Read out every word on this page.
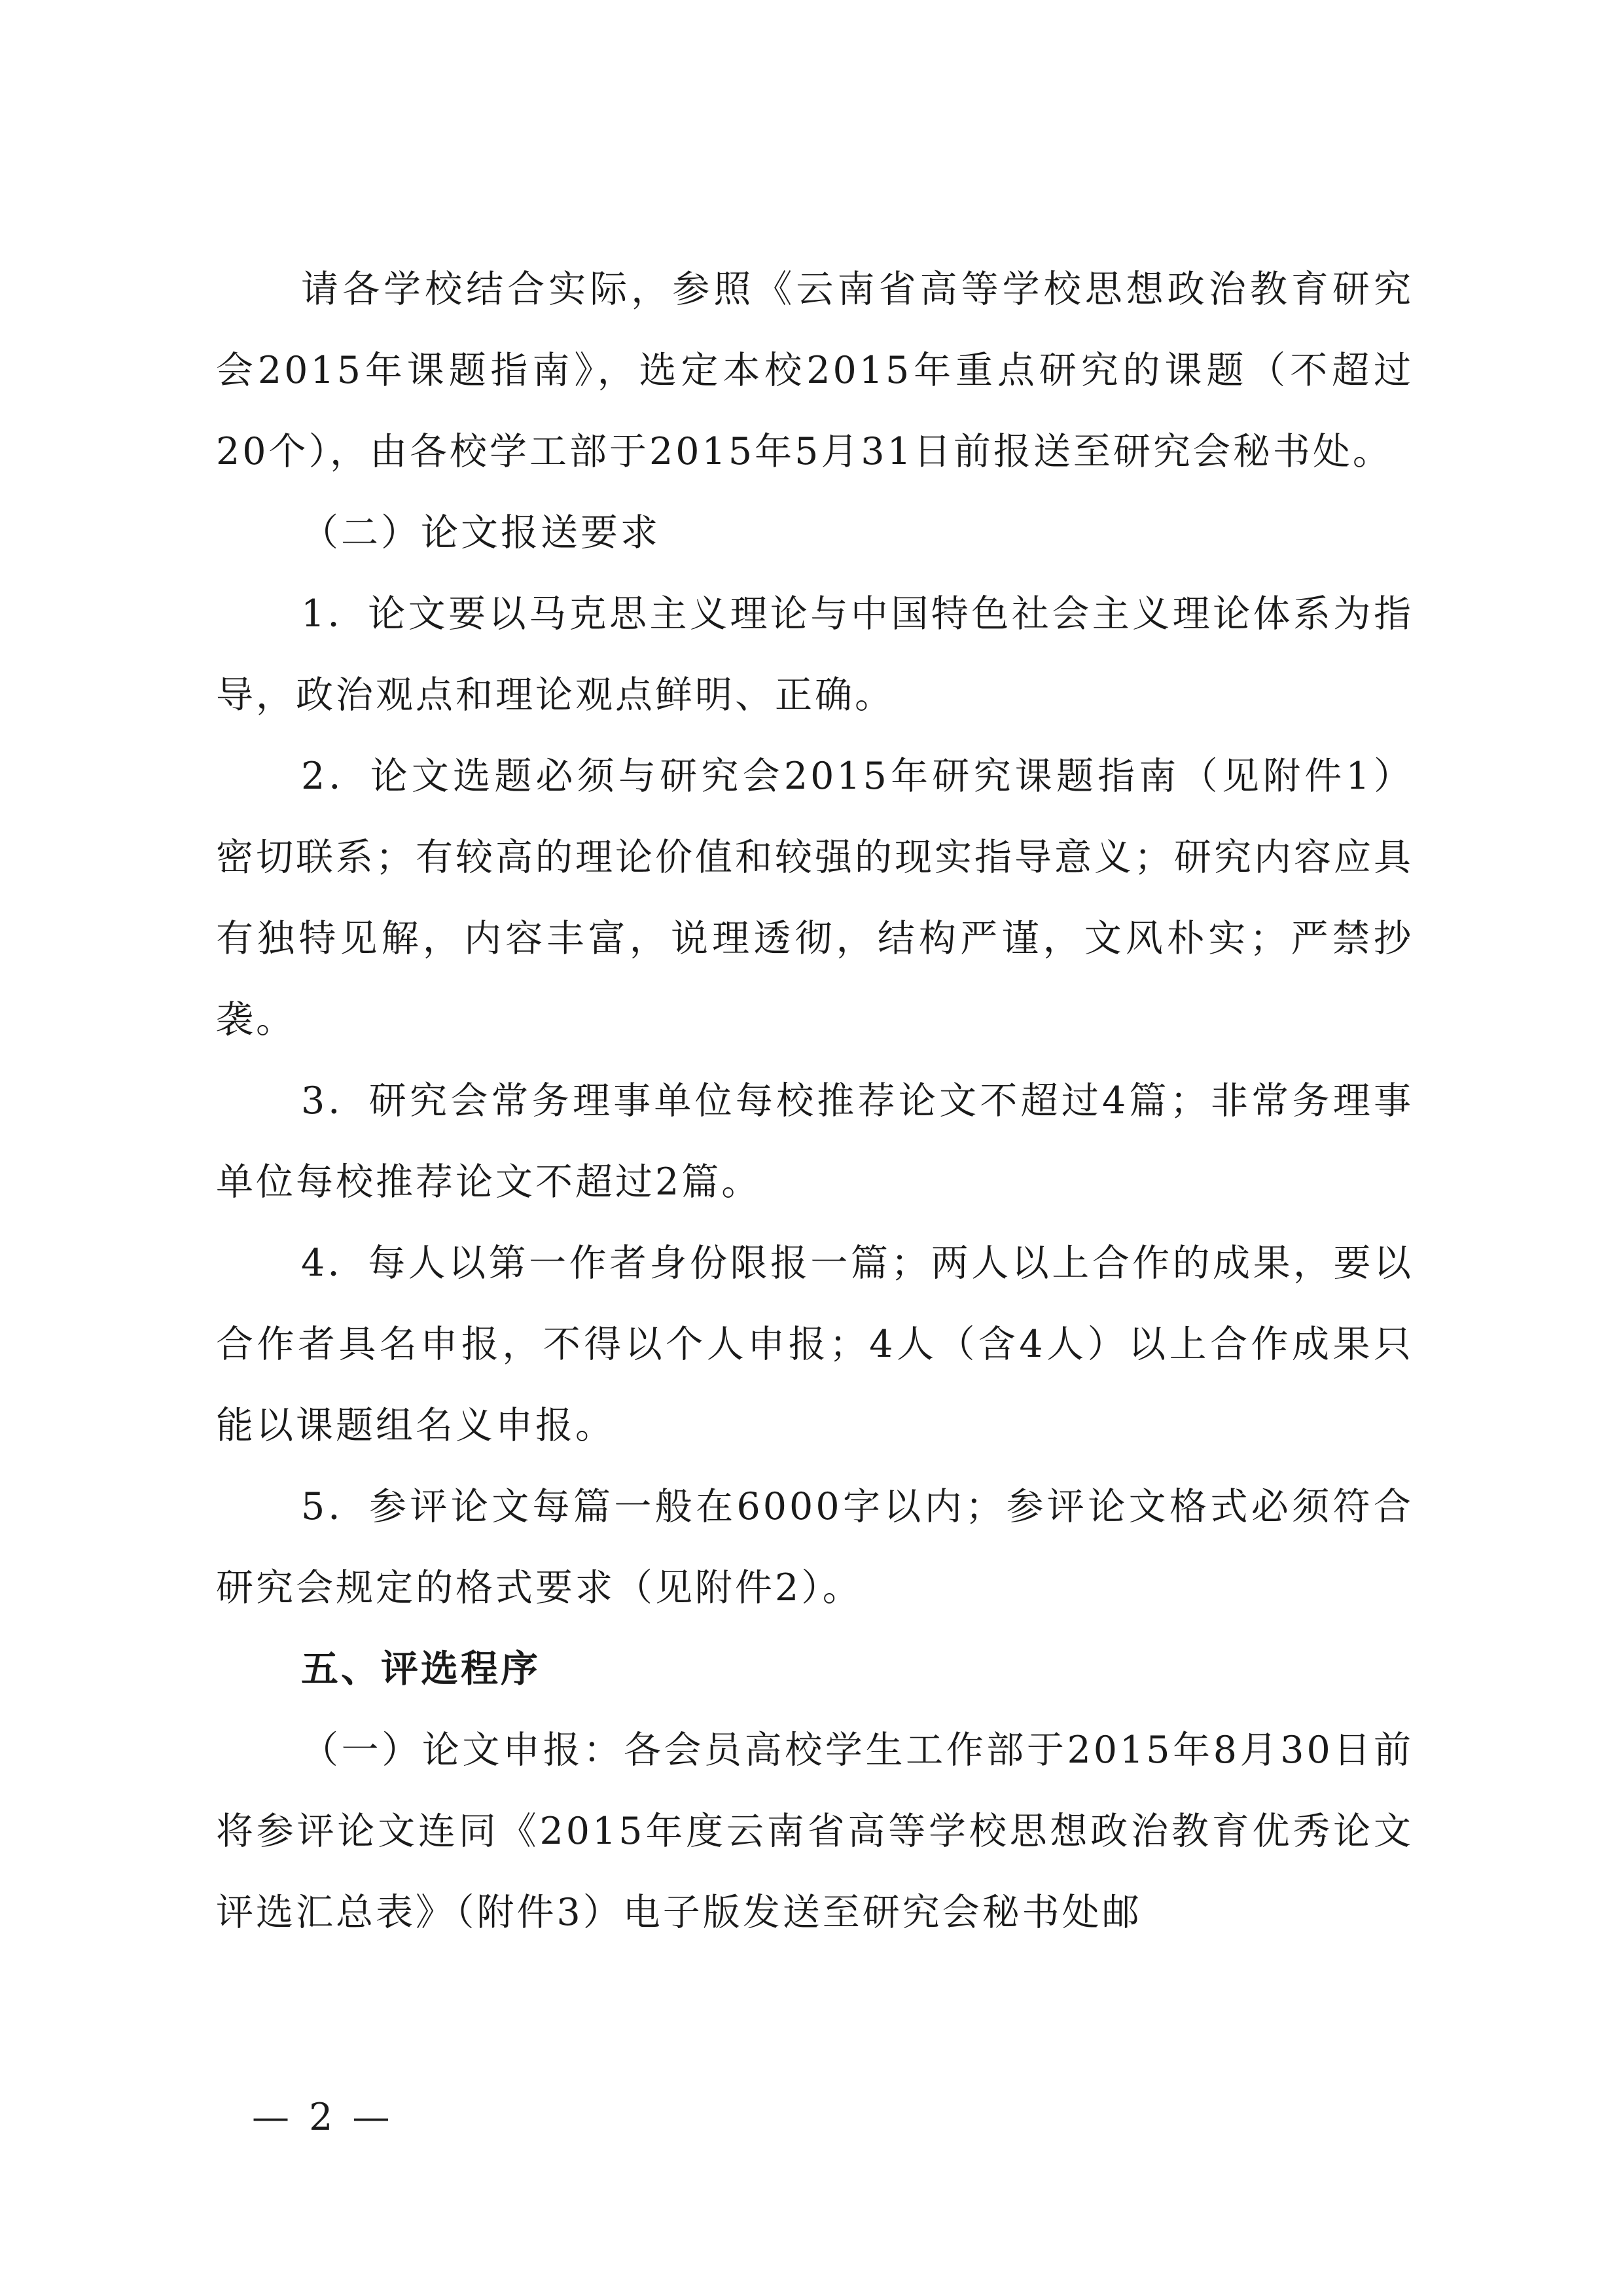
请各学校结合实际，参照《云南省高等学校思想政治教育研究会2015年课题指南》，选定本校2015年重点研究的课题（不超过20个），由各校学工部于2015年5月31日前报送至研究会秘书处。

（二）论文报送要求

1．论文要以马克思主义理论与中国特色社会主义理论体系为指导，政治观点和理论观点鲜明、正确。

2．论文选题必须与研究会2015年研究课题指南（见附件1）密切联系；有较高的理论价值和较强的现实指导意义；研究内容应具有独特见解，内容丰富，说理透彻，结构严谨，文风朴实；严禁抄袭。

3．研究会常务理事单位每校推荐论文不超过4篇；非常务理事单位每校推荐论文不超过2篇。

4．每人以第一作者身份限报一篇；两人以上合作的成果，要以合作者具名申报，不得以个人申报；4人（含4人）以上合作成果只能以课题组名义申报。

5．参评论文每篇一般在6000字以内；参评论文格式必须符合研究会规定的格式要求（见附件2）。

五、评选程序

（一）论文申报：各会员高校学生工作部于2015年8月30日前将参评论文连同《2015年度云南省高等学校思想政治教育优秀论文评选汇总表》（附件3）电子版发送至研究会秘书处邮

— 2 —
